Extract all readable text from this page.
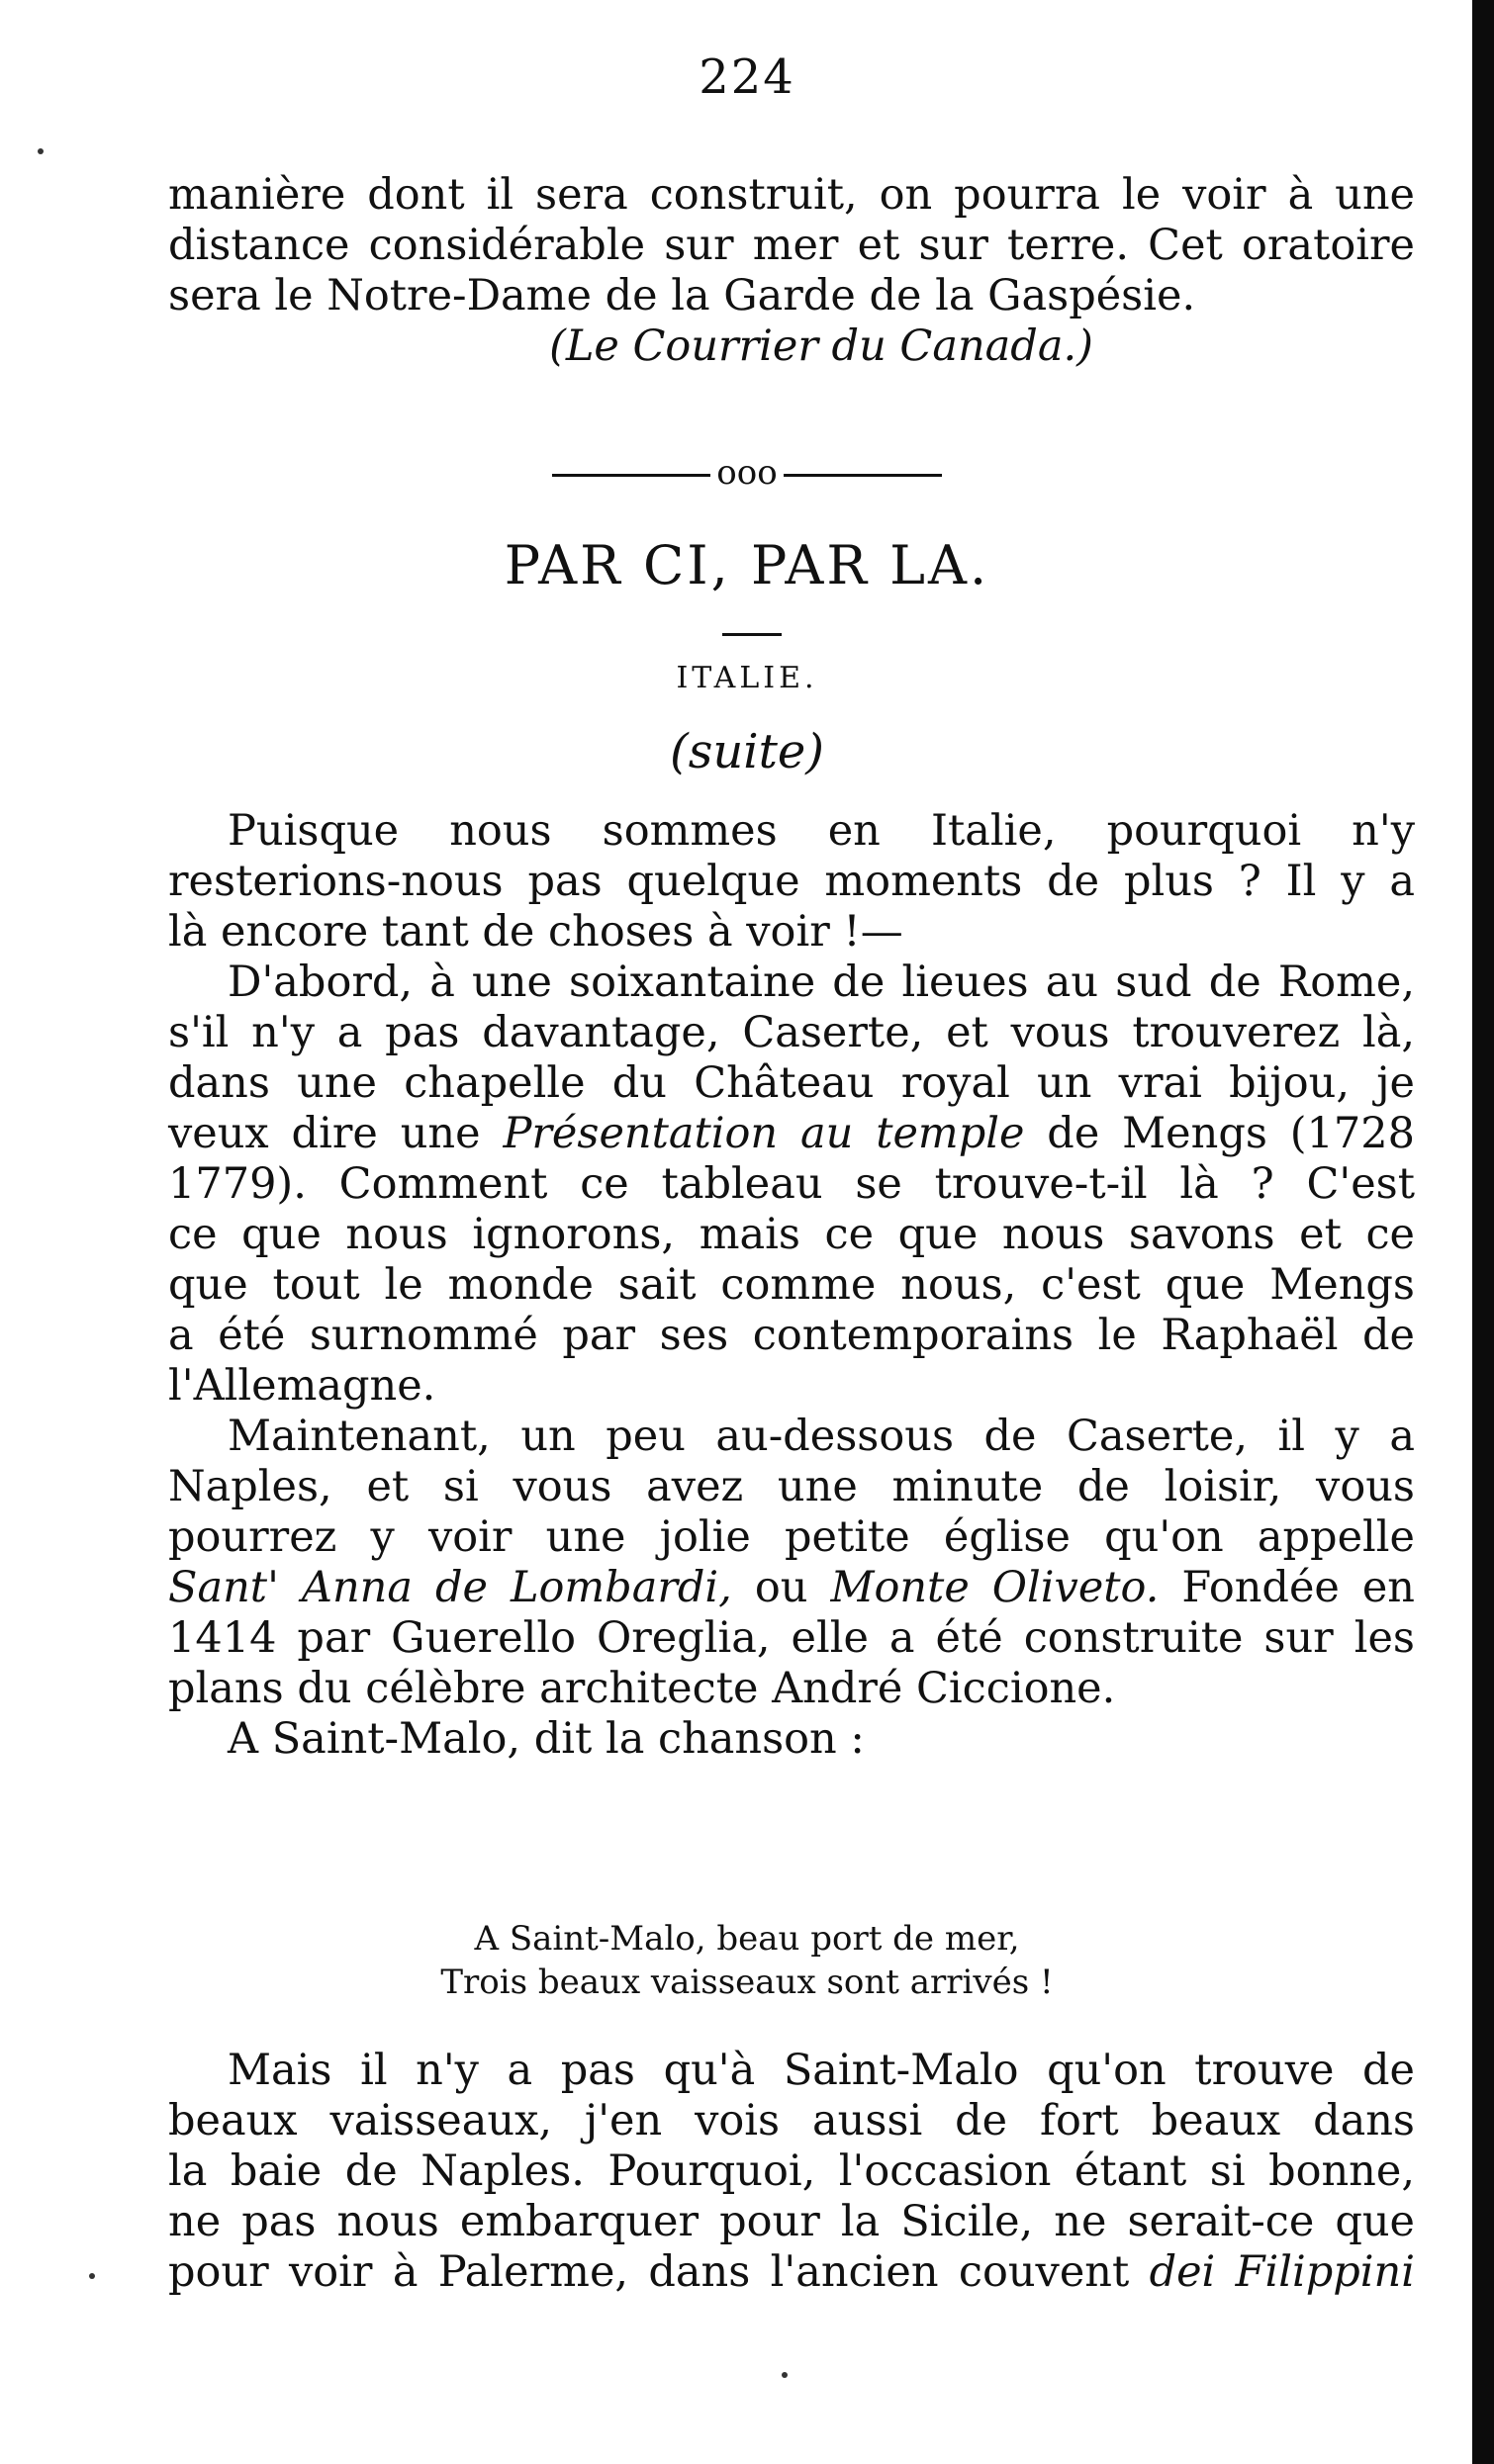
224
manière dont il sera construit, on pourra le voir à une
distance considérable sur mer et sur terre. Cet oratoire
sera le Notre-Dame de la Garde de la Gaspésie.
(Le Courrier du Canada.)
ooo
PAR CI, PAR LA.
ITALIE.
(suite)
Puisque nous sommes en Italie, pourquoi n'y
resterions-nous pas quelque moments de plus ? Il y a
là encore tant de choses à voir !—
D'abord, à une soixantaine de lieues au sud de Rome,
s'il n'y a pas davantage, Caserte, et vous trouverez là,
dans une chapelle du Château royal un vrai bijou, je
veux dire une Présentation au temple de Mengs (1728
1779). Comment ce tableau se trouve-t-il là ? C'est
ce que nous ignorons, mais ce que nous savons et ce
que tout le monde sait comme nous, c'est que Mengs
a été surnommé par ses contemporains le Raphaël de
l'Allemagne.
Maintenant, un peu au-dessous de Caserte, il y a
Naples, et si vous avez une minute de loisir, vous
pourrez y voir une jolie petite église qu'on appelle
Sant' Anna de Lombardi, ou Monte Oliveto. Fondée en
1414 par Guerello Oreglia, elle a été construite sur les
plans du célèbre architecte André Ciccione.
A Saint-Malo, dit la chanson :
A Saint-Malo, beau port de mer,
Trois beaux vaisseaux sont arrivés !
Mais il n'y a pas qu'à Saint-Malo qu'on trouve de
beaux vaisseaux, j'en vois aussi de fort beaux dans
la baie de Naples. Pourquoi, l'occasion étant si bonne,
ne pas nous embarquer pour la Sicile, ne serait-ce que
pour voir à Palerme, dans l'ancien couvent dei Filippini
